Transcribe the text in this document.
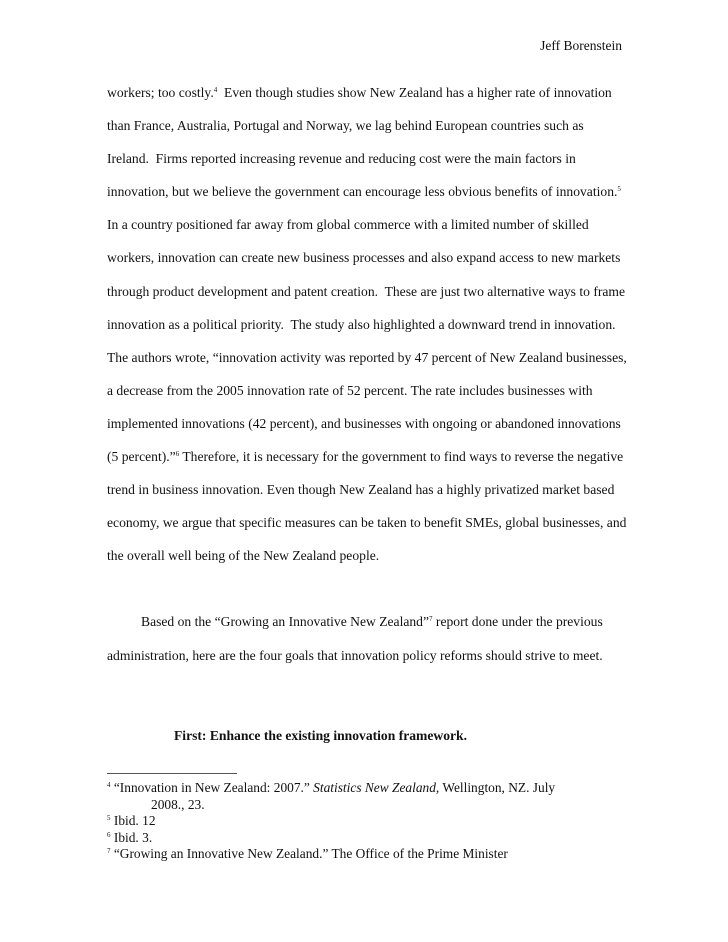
Jeff Borenstein

workers; too costly.$^4$  Even though studies show New Zealand has a higher rate of innovation than France, Australia, Portugal and Norway, we lag behind European countries such as Ireland.  Firms reported increasing revenue and reducing cost were the main factors in innovation, but we believe the government can encourage less obvious benefits of innovation.$^5$  In a country positioned far away from global commerce with a limited number of skilled workers, innovation can create new business processes and also expand access to new markets through product development and patent creation.  These are just two alternative ways to frame innovation as a political priority.  The study also highlighted a downward trend in innovation.  The authors wrote, “innovation activity was reported by 47 percent of New Zealand businesses, a decrease from the 2005 innovation rate of 52 percent. The rate includes businesses with implemented innovations (42 percent), and businesses with ongoing or abandoned innovations (5 percent).”$^6$ Therefore, it is necessary for the government to find ways to reverse the negative trend in business innovation. Even though New Zealand has a highly privatized market based economy, we argue that specific measures can be taken to benefit SMEs, global businesses, and the overall well being of the New Zealand people.

Based on the “Growing an Innovative New Zealand”$^7$ report done under the previous administration, here are the four goals that innovation policy reforms should strive to meet.

First: Enhance the existing innovation framework.

$^4$ “Innovation in New Zealand: 2007.” Statistics New Zealand, Wellington, NZ. July
2008., 23.

$^5$ Ibid. 12

$^6$ Ibid. 3.

$^7$ “Growing an Innovative New Zealand.” The Office of the Prime Minister
